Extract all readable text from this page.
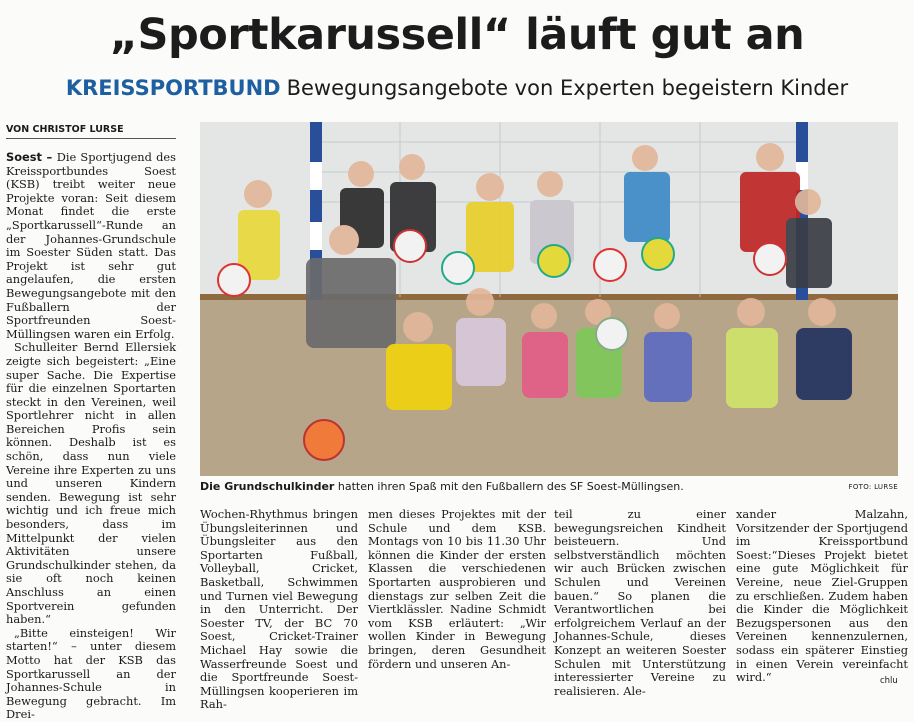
„Sportkarussell“ läuft gut an
KREISSPORTBUND Bewegungsangebote von Experten begeistern Kinder
VON CHRISTOF LURSE

Soest – Die Sportjugend des Kreissportbundes Soest (KSB) treibt weiter neue Projekte voran: Seit diesem Monat findet die erste „Sportkarussell“-Runde an der Johannes-Grundschule im Soester Süden statt. Das Projekt ist sehr gut angelaufen, die ersten Bewegungsangebote mit den Fußballern der Sportfreunden Soest-Müllingsen waren ein Erfolg.

Schulleiter Bernd Ellersiek zeigte sich begeistert: „Eine super Sache. Die Expertise für die einzelnen Sportarten steckt in den Vereinen, weil Sportlehrer nicht in allen Bereichen Profis sein können. Deshalb ist es schön, dass nun viele Vereine ihre Experten zu uns und unseren Kindern senden. Bewegung ist sehr wichtig und ich freue mich besonders, dass im Mittelpunkt der vielen Aktivitäten unsere Grundschulkinder stehen, da sie oft noch keinen Anschluss an einen Sportverein gefunden haben.“

„Bitte einsteigen! Wir starten!“ – unter diesem Motto hat der KSB das Sportkarussell an der Johannes-Schule in Bewegung gebracht. Im Drei-

Die Grundschulkinder hatten ihren Spaß mit den Fußballern des SF Soest-Müllingsen.	FOTO: LURSE

Wochen-Rhythmus bringen Übungsleiterinnen und Übungsleiter aus den Sportarten Fußball, Volleyball, Cricket, Basketball, Schwimmen und Turnen viel Bewegung in den Unterricht. Der Soester TV, der BC 70 Soest, Cricket-Trainer Michael Hay sowie die Wasserfreunde Soest und die Sportfreunde Soest-Müllingsen kooperieren im Rah-

men dieses Projektes mit der Schule und dem KSB. Montags von 10 bis 11.30 Uhr können die Kinder der ersten Klassen die verschiedenen Sportarten ausprobieren und dienstags zur selben Zeit die Viertklässler. Nadine Schmidt vom KSB erläutert: „Wir wollen Kinder in Bewegung bringen, deren Gesundheit fördern und unseren An-

teil zu einer bewegungsreichen Kindheit beisteuern. Und selbstverständlich möchten wir auch Brücken zwischen Schulen und Vereinen bauen.“ So planen die Verantwortlichen bei erfolgreichem Verlauf an der Johannes-Schule, dieses Konzept an weiteren Soester Schulen mit Unterstützung interessierter Vereine zu realisieren. Ale-

xander Malzahn, Vorsitzender der Sportjugend im Kreissportbund Soest:“Dieses Projekt bietet eine gute Möglichkeit für Vereine, neue Ziel-Gruppen zu erschließen. Zudem haben die Kinder die Möglichkeit Bezugspersonen aus den Vereinen kennenzulernen, sodass ein späterer Einstieg in einen Verein vereinfacht wird.“	chlu
